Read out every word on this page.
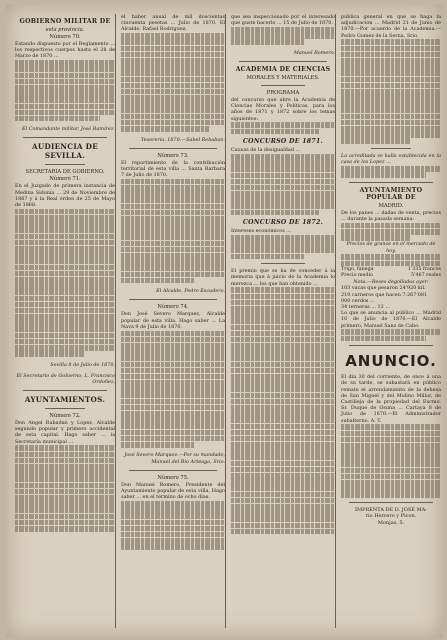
GOBIERNO MILITAR DE
esta provincia.
Número 70.

Estando dispuesto por el Reglamento ... los respectivos cuerpos hasta el 28 de Marzo de 1870 ...

El Comandante militar, José Ramírez.

AUDIENCIA DE SEVILLA.
SECRETARIA DE GOBIERNO.
Número 71.

En el Juzgado de primera instancia de Medina Sidonia ... 29 de Noviembre de 1867 y á la Real órden de 25 de Mayo de 1868.

Sevilla 8 de Julio de 1870.

El Secretario de Gobierno, L. Francisco Ordoñez.

AYUNTAMIENTOS.
Número 72.

Don Angel Rabadan y Lopez, Alcalde segundo popular y primero accidental de esta capital. Hago saber ... la Secretaría municipal ...

el haber anual de mil doscientas cincuenta pesetas ... Julio de 1870. El Alcalde, Rafael Rodriguez.

Tesorería, 1870.—Sabel Rebaban.

Número 73.

El repartimiento de la contribución territorial de esta villa ... Santa Barbara 7 de Julio de 1870.

El Alcalde, Pedro Escudero.

Número 74.

Don José Severo Marquez, Alcalde popular de esta villa. Hago saber ... La Nava 9 de Julio de 1870.

José Severo Marquez.—Por su mandado, Manuel del Rio Arteaga, Srio.

Número 75.

Don Manuel Romero, Presidente del Ayuntamiento popular de esta villa. Hago saber ... en el término de ocho dias.

que sea inspeccionado por el interesado que guste hacerlo ... 15 de Julio de 1870.

Manuel Romero.

ACADEMIA DE CIENCIAS
MORALES Y MATERIALES.
PROGRAMA

del concurso que abre la Academia de Ciencias Morales y Políticas, para los años de 1871 y 1872 sobre los temas siguientes:

CONCURSO DE 1871.

Causas de la desigualdad ...

CONCURSO DE 1872.

Intereses económicos ...

El premio que se ha de conceder á la memoria que á juicio de la Academia lo merezca ... los que han obtenido ...

pública general en que se haga la adjudicacion ... Madrid 21 de Junio de 1870.—Por acuerdo de la Academia.—Pedro Gomez de la Serna, Srio.

La acreditada se halla establecida en la casa de los Lopez ...

AYUNTAMIENTO POPULAR DE
MADRID.

De los panes ... dadas de venta, precios ... durante la pasada semana:

Precios de granos en el mercado de hoy.

Trigo, fanega	1'335 francos
Precio medio	5'467 reales

Nota.—Reses degolladas ayer:

103 vacas que pesaron 24'920 kil.

210 carneros que hacen 7.267'081

000 cerdos ...

34 terneras ... 12 ...

Lo que se anuncia al público ... Madrid 10 de Julio de 1870.—El Alcalde primero, Manuel Sanz de Cabo.

ANUNCIO.

El dia 30 del corriente, de once á una de su tarde, se subastará en público remate el arrendamiento de la dehesa de San Miguel y del Molino Millar, de Castilleja de la propiedad del Excmo. Sr. Duque de Osuna ... Cartaya 8 de Julio de 1870.—El Administrador subalterno, A. T.

IMPRENTA DE D. JOSÉ MA-
rio Herrero y Picon.
Monjas, 5.
